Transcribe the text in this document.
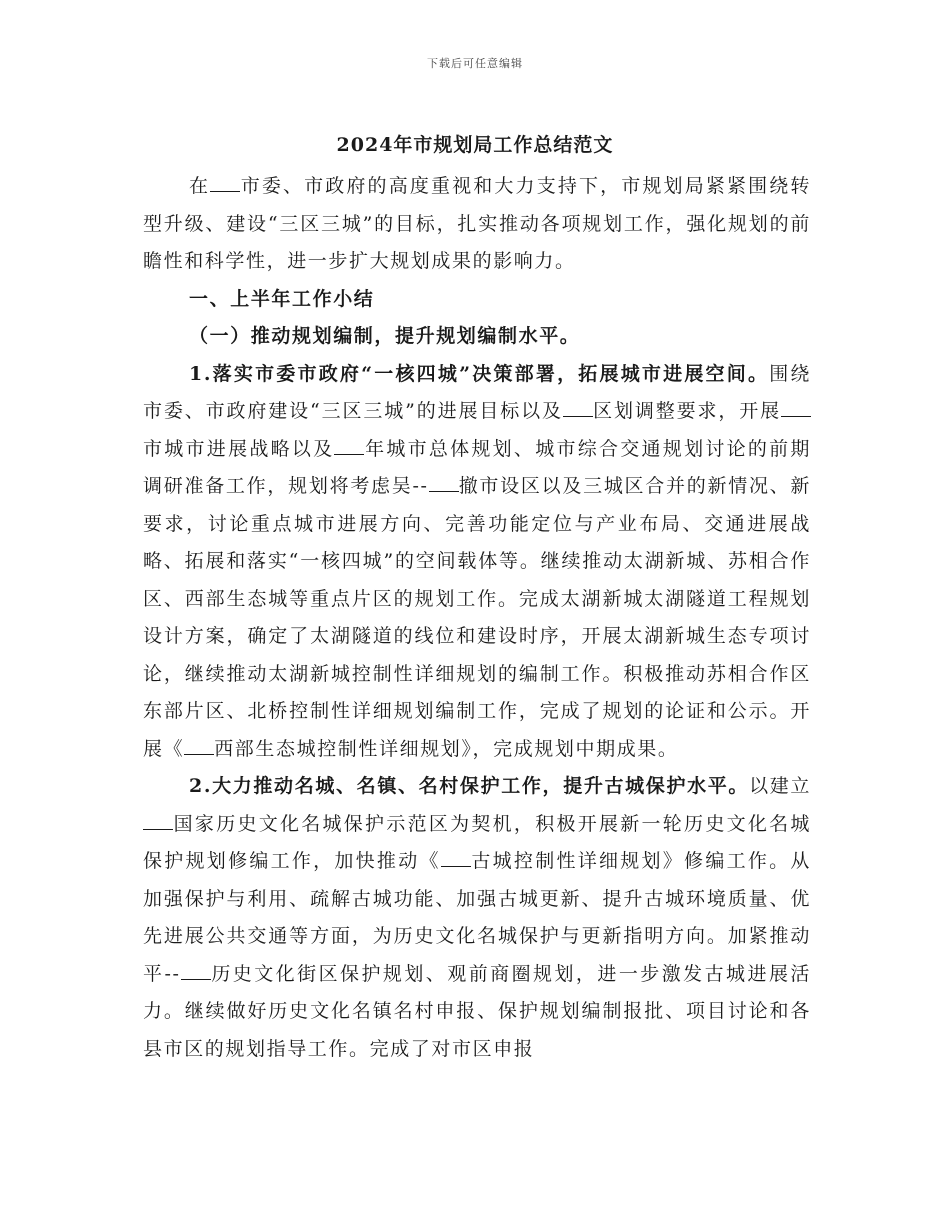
下载后可任意编辑
2024年市规划局工作总结范文

在 市委、市政府的高度重视和大力支持下，市规划局紧紧围绕转型升级、建设“三区三城”的目标，扎实推动各项规划工作，强化规划的前瞻性和科学性，进一步扩大规划成果的影响力。

一、上半年工作小结

（一）推动规划编制，提升规划编制水平。

1.落实市委市政府“一核四城”决策部署，拓展城市进展空间。围绕市委、市政府建设“三区三城”的进展目标以及 区划调整要求，开展市城市进展战略以及 年城市总体规划、城市综合交通规划讨论的前期调研准备工作，规划将考虑吴-- 撤市设区以及三城区合并的新情况、新要求，讨论重点城市进展方向、完善功能定位与产业布局、交通进展战略、拓展和落实“一核四城”的空间载体等。继续推动太湖新城、苏相合作区、西部生态城等重点片区的规划工作。完成太湖新城太湖隧道工程规划设计方案，确定了太湖隧道的线位和建设时序，开展太湖新城生态专项讨论，继续推动太湖新城控制性详细规划的编制工作。积极推动苏相合作区东部片区、北桥控制性详细规划编制工作，完成了规划的论证和公示。开展《 西部生态城控制性详细规划》，完成规划中期成果。

2.大力推动名城、名镇、名村保护工作，提升古城保护水平。以建立国家历史文化名城保护示范区为契机，积极开展新一轮历史文化名城保护规划修编工作，加快推动《 古城控制性详细规划》修编工作。从加强保护与利用、疏解古城功能、加强古城更新、提升古城环境质量、优先进展公共交通等方面，为历史文化名城保护与更新指明方向。加紧推动平-- 历史文化街区保护规划、观前商圈规划，进一步激发古城进展活力。继续做好历史文化名镇名村申报、保护规划编制报批、项目讨论和各县市区的规划指导工作。完成了对市区申报
